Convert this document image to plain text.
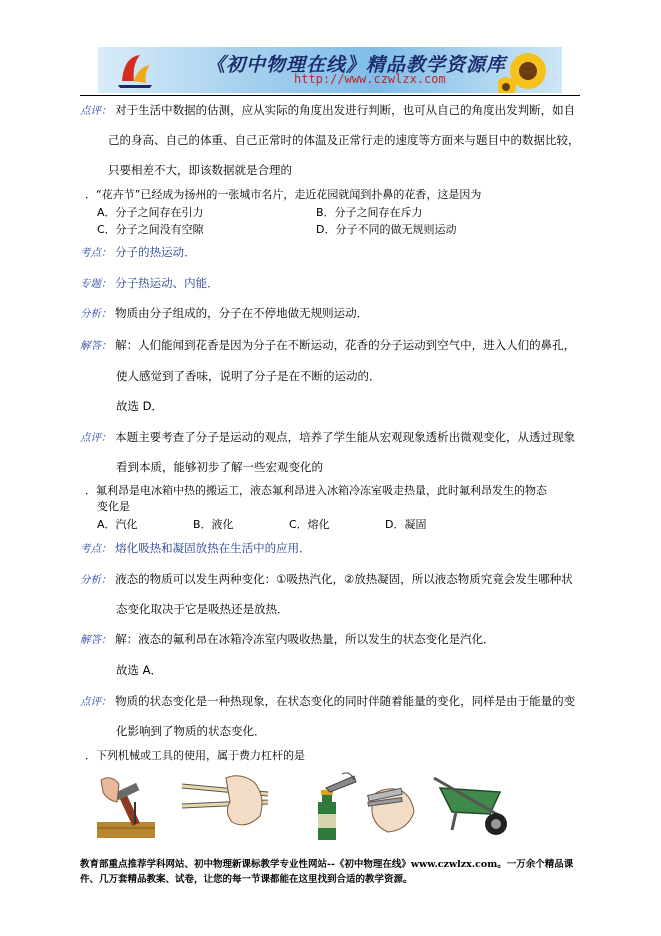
《初中物理在线》精品教学资源库
http://www.czwlzx.com
点评： 对于生活中数据的估测，应从实际的角度出发进行判断，也可从自己的角度出发判断，如自
己的身高、自己的体重、自己正常时的体温及正常行走的速度等方面来与题目中的数据比较，
只要相差不大，即该数据就是合理的
．“花卉节”已经成为扬州的一张城市名片，走近花园就闻到扑鼻的花香，这是因为
A．分子之间存在引力	B．分子之间存在斥力
C．分子之间没有空隙	D．分子不同的做无规则运动
考点： 分子的热运动．
专题： 分子热运动、内能．
分析： 物质由分子组成的，分子在不停地做无规则运动．
解答： 解：人们能闻到花香是因为分子在不断运动，花香的分子运动到空气中，进入人们的鼻孔，
使人感觉到了香味，说明了分子是在不断的运动的．
故选 D．
点评： 本题主要考查了分子是运动的观点，培养了学生能从宏观现象透析出微观变化，从透过现象
看到本质，能够初步了解一些宏观变化的
．氟利昂是电冰箱中热的搬运工，液态氟利昂进入冰箱冷冻室吸走热量，此时氟利昂发生的物态
变化是
A．汽化	B．液化	C．熔化	D．凝固
考点： 熔化吸热和凝固放热在生活中的应用．
分析： 液态的物质可以发生两种变化：①吸热汽化，②放热凝固，所以液态物质究竟会发生哪种状
态变化取决于它是吸热还是放热．
解答： 解：液态的氟利昂在冰箱冷冻室内吸收热量，所以发生的状态变化是汽化．
故选 A．
点评： 物质的状态变化是一种热现象，在状态变化的同时伴随着能量的变化，同样是由于能量的变
化影响到了物质的状态变化．
．下列机械或工具的使用，属于费力杠杆的是
教育部重点推荐学科网站、初中物理新课标教学专业性网站--《初中物理在线》www.czwlzx.com。一万余个精品课
件、几万套精品教案、试卷，让您的每一节课都能在这里找到合适的教学资源。
